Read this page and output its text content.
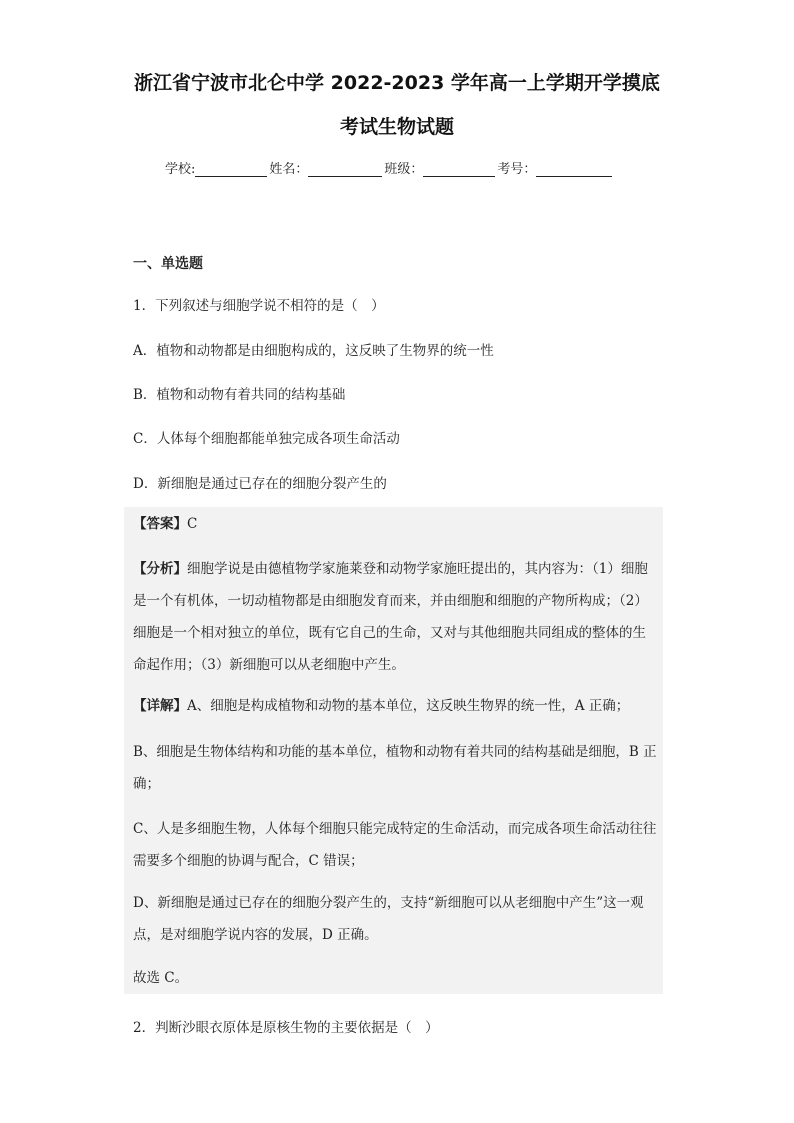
浙江省宁波市北仑中学 2022-2023 学年高一上学期开学摸底
考试生物试题
学校:	姓名：	班级：	考号：
一、单选题
1．下列叙述与细胞学说不相符的是（　）
A．植物和动物都是由细胞构成的，这反映了生物界的统一性
B．植物和动物有着共同的结构基础
C．人体每个细胞都能单独完成各项生命活动
D．新细胞是通过已存在的细胞分裂产生的
【答案】C
【分析】细胞学说是由德植物学家施莱登和动物学家施旺提出的，其内容为：（1）细胞是一个有机体，一切动植物都是由细胞发育而来，并由细胞和细胞的产物所构成；（2）细胞是一个相对独立的单位，既有它自己的生命，又对与其他细胞共同组成的整体的生命起作用；（3）新细胞可以从老细胞中产生。
【详解】A、细胞是构成植物和动物的基本单位，这反映生物界的统一性，A 正确；
B、细胞是生物体结构和功能的基本单位，植物和动物有着共同的结构基础是细胞，B 正确；
C、人是多细胞生物，人体每个细胞只能完成特定的生命活动，而完成各项生命活动往往需要多个细胞的协调与配合，C 错误；
D、新细胞是通过已存在的细胞分裂产生的，支持“新细胞可以从老细胞中产生”这一观点，是对细胞学说内容的发展，D 正确。
故选 C。
2．判断沙眼衣原体是原核生物的主要依据是（　）
